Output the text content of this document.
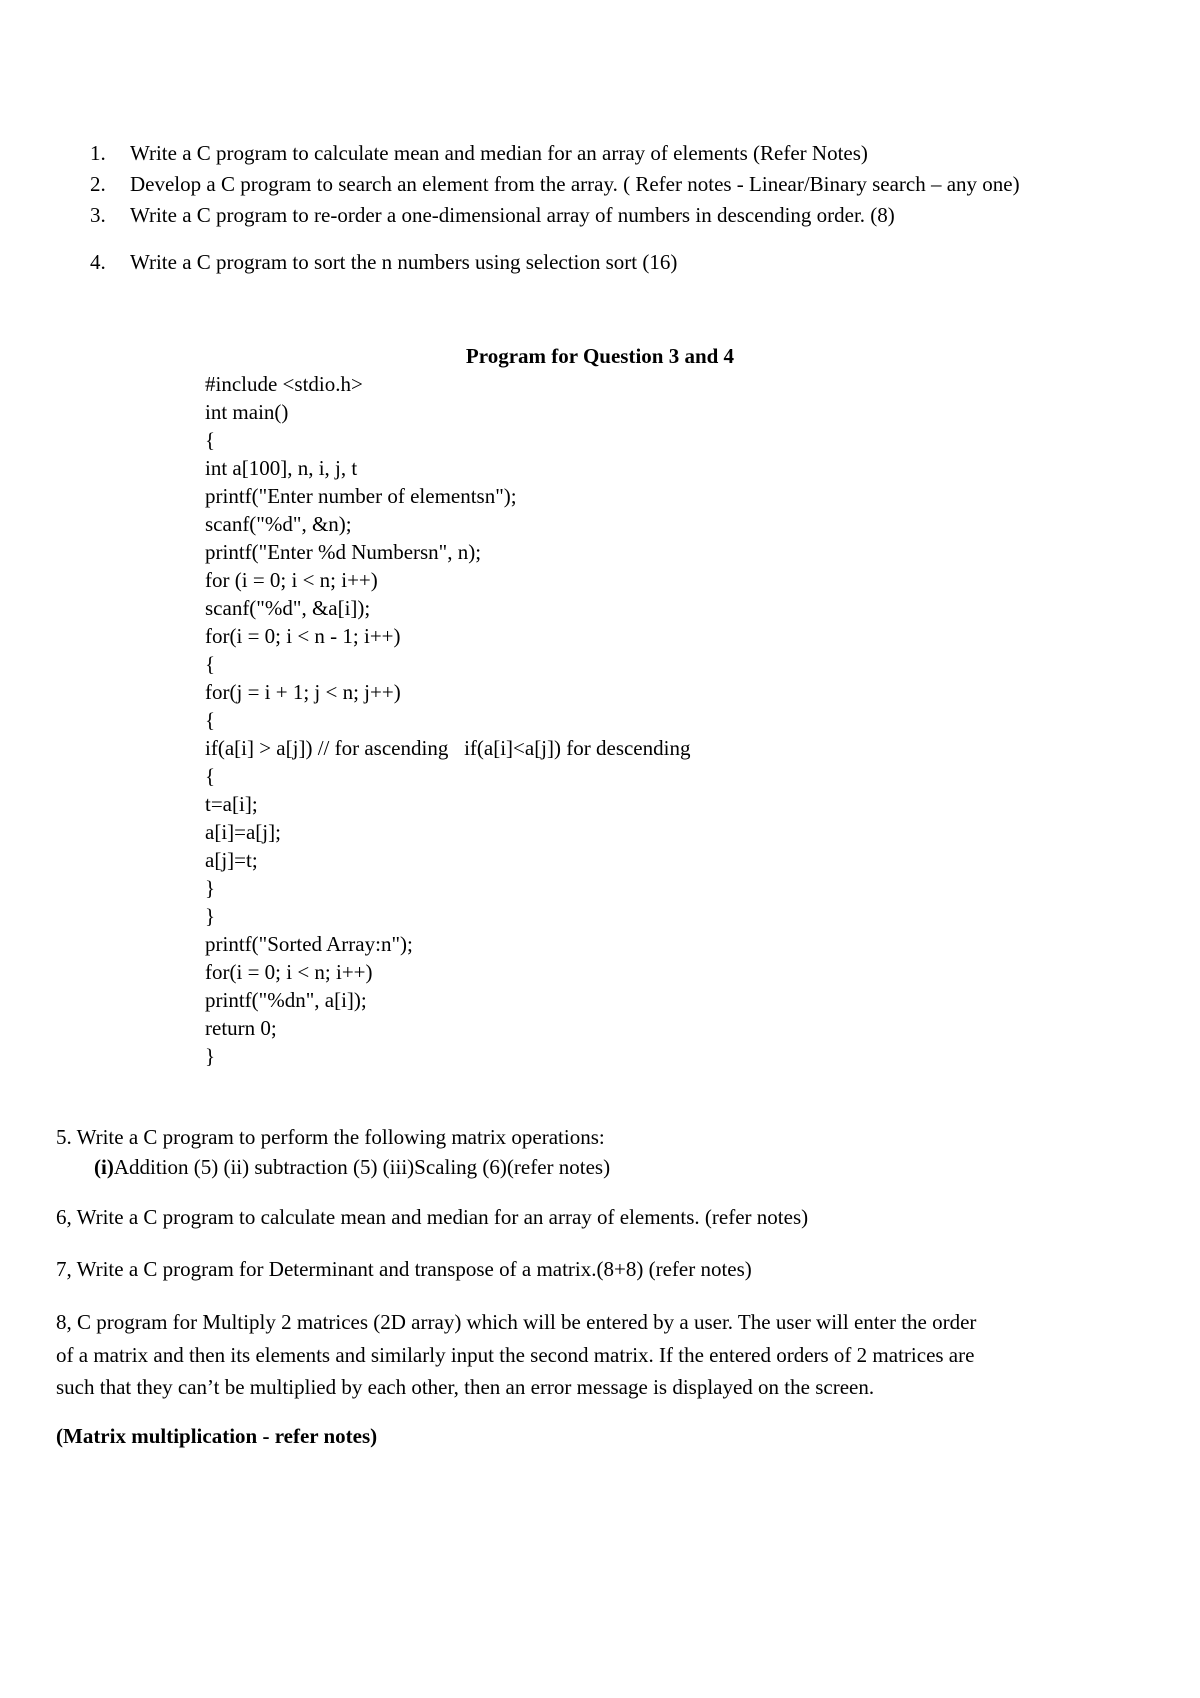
1.	Write a C program to calculate mean and median for an array of elements (Refer Notes)
2.	Develop a C program to search an element from the array. ( Refer notes - Linear/Binary search – any one)
3.	Write a C program to re-order a one-dimensional array of numbers in descending order. (8)
4.	Write a C program to sort the n numbers using selection sort (16)
Program for Question 3 and 4
#include <stdio.h>
int main()
{
int a[100], n, i, j, t
printf("Enter number of elementsn");
scanf("%d", &n);
printf("Enter %d Numbersn", n);
for (i = 0; i < n; i++)
scanf("%d", &a[i]);
for(i = 0; i < n - 1; i++)
{
for(j = i + 1; j < n; j++)
{
if(a[i] > a[j]) // for ascending   if(a[i]<a[j]) for descending
{
t=a[i];
a[i]=a[j];
a[j]=t;
}
}
printf("Sorted Array:n");
for(i = 0; i < n; i++)
printf("%dn", a[i]);
return 0;
}
5. Write a C program to perform the following matrix operations:
(i)Addition (5) (ii) subtraction (5) (iii)Scaling (6)(refer notes)
6, Write a C program to calculate mean and median for an array of elements. (refer notes)
7, Write a C program for Determinant and transpose of a matrix.(8+8) (refer notes)
8, C program for Multiply 2 matrices (2D array) which will be entered by a user. The user will enter the order
of a matrix and then its elements and similarly input the second matrix. If the entered orders of 2 matrices are
such that they can’t be multiplied by each other, then an error message is displayed on the screen.
(Matrix multiplication - refer notes)
